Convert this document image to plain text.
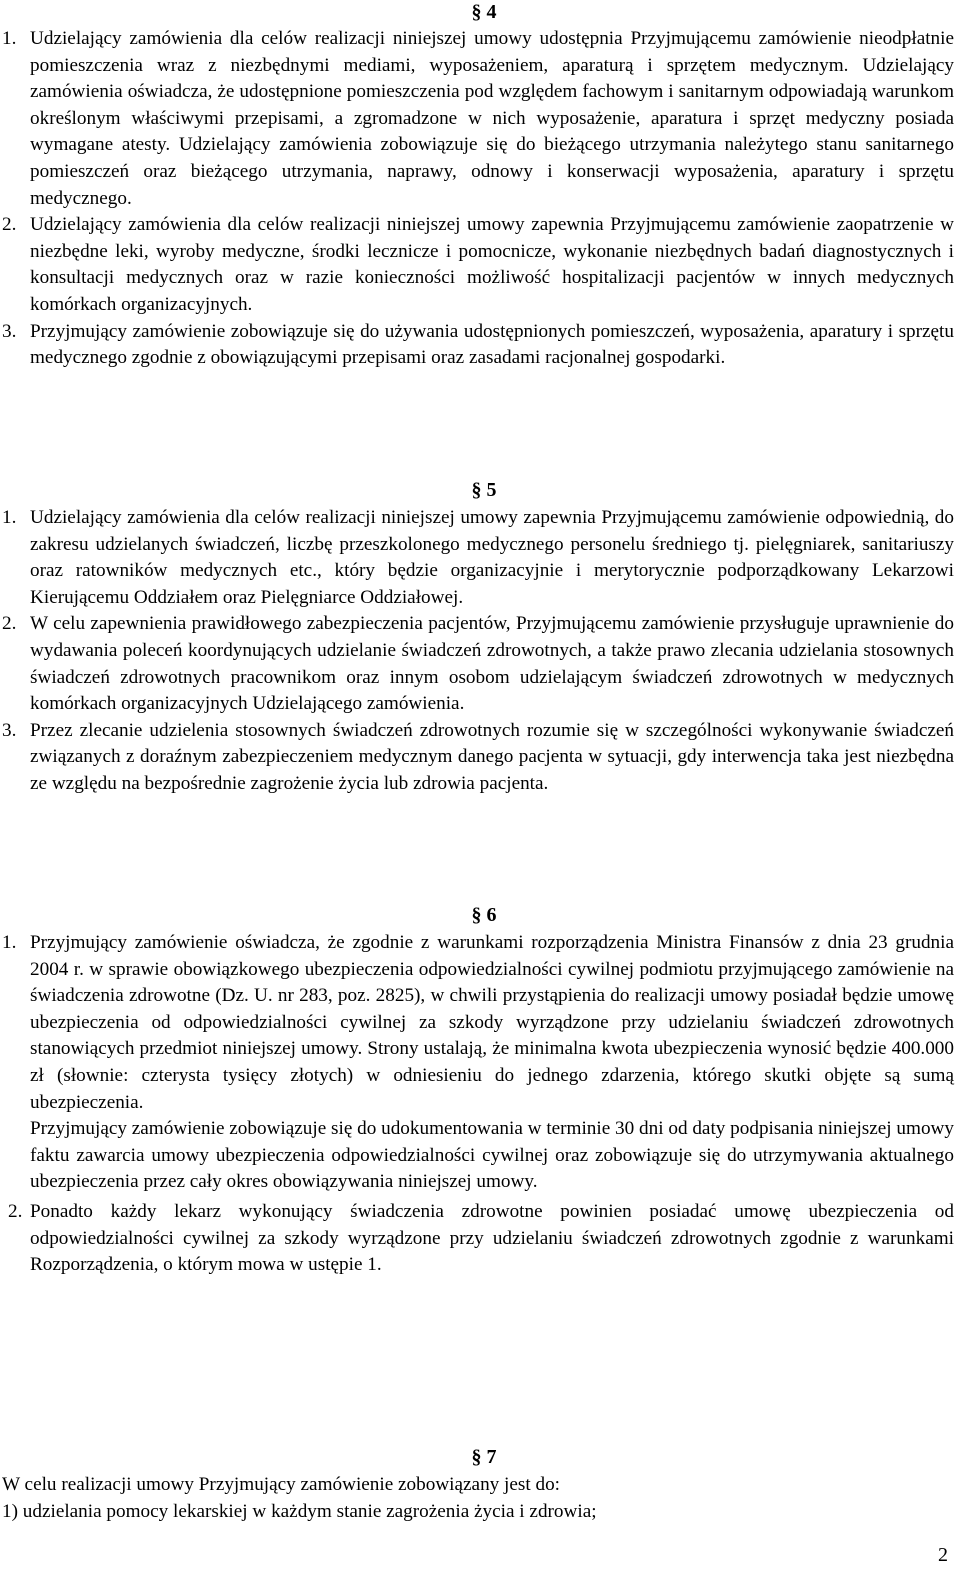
§ 4
1. Udzielający zamówienia dla celów realizacji niniejszej umowy udostępnia Przyjmującemu zamówienie nieodpłatnie pomieszczenia wraz z niezbędnymi mediami, wyposażeniem, aparaturą i sprzętem medycznym. Udzielający zamówienia oświadcza, że udostępnione pomieszczenia pod względem fachowym i sanitarnym odpowiadają warunkom określonym właściwymi przepisami, a zgromadzone w nich wyposażenie, aparatura i sprzęt medyczny posiada wymagane atesty. Udzielający zamówienia zobowiązuje się do bieżącego utrzymania należytego stanu sanitarnego pomieszczeń oraz bieżącego utrzymania, naprawy, odnowy i konserwacji wyposażenia, aparatury i sprzętu medycznego.
2. Udzielający zamówienia dla celów realizacji niniejszej umowy zapewnia Przyjmującemu zamówienie zaopatrzenie w niezbędne leki, wyroby medyczne, środki lecznicze i pomocnicze, wykonanie niezbędnych badań diagnostycznych i konsultacji medycznych oraz w razie konieczności możliwość hospitalizacji pacjentów w innych medycznych komórkach organizacyjnych.
3. Przyjmujący zamówienie zobowiązuje się do używania udostępnionych pomieszczeń, wyposażenia, aparatury i sprzętu medycznego zgodnie z obowiązującymi przepisami oraz zasadami racjonalnej gospodarki.
§ 5
1. Udzielający zamówienia dla celów realizacji niniejszej umowy zapewnia Przyjmującemu zamówienie odpowiednią, do zakresu udzielanych świadczeń, liczbę przeszkolonego medycznego personelu średniego tj. pielęgniarek, sanitariuszy oraz ratowników medycznych etc., który będzie organizacyjnie i merytorycznie podporządkowany Lekarzowi Kierującemu Oddziałem oraz Pielęgniarce Oddziałowej.
2. W celu zapewnienia prawidłowego zabezpieczenia pacjentów, Przyjmującemu zamówienie przysługuje uprawnienie do wydawania poleceń koordynujących udzielanie świadczeń zdrowotnych, a także prawo zlecania udzielania stosownych świadczeń zdrowotnych pracownikom oraz innym osobom udzielającym świadczeń zdrowotnych w medycznych komórkach organizacyjnych Udzielającego zamówienia.
3. Przez zlecanie udzielenia stosownych świadczeń zdrowotnych rozumie się w szczególności wykonywanie świadczeń związanych z doraźnym zabezpieczeniem medycznym danego pacjenta w sytuacji, gdy interwencja taka jest niezbędna ze względu na bezpośrednie zagrożenie życia lub zdrowia pacjenta.
§ 6
1. Przyjmujący zamówienie oświadcza, że zgodnie z warunkami rozporządzenia Ministra Finansów z dnia 23 grudnia 2004 r. w sprawie obowiązkowego ubezpieczenia odpowiedzialności cywilnej podmiotu przyjmującego zamówienie na świadczenia zdrowotne (Dz. U. nr 283, poz. 2825), w chwili przystąpienia do realizacji umowy posiadał będzie umowę ubezpieczenia od odpowiedzialności cywilnej za szkody wyrządzone przy udzielaniu świadczeń zdrowotnych stanowiących przedmiot niniejszej umowy. Strony ustalają, że minimalna kwota ubezpieczenia wynosić będzie 400.000 zł (słownie: czterysta tysięcy złotych) w odniesieniu do jednego zdarzenia, którego skutki objęte są sumą ubezpieczenia.

Przyjmujący zamówienie zobowiązuje się do udokumentowania w terminie 30 dni od daty podpisania niniejszej umowy faktu zawarcia umowy ubezpieczenia odpowiedzialności cywilnej oraz zobowiązuje się do utrzymywania aktualnego ubezpieczenia przez cały okres obowiązywania niniejszej umowy.

2. Ponadto każdy lekarz wykonujący świadczenia zdrowotne powinien posiadać umowę ubezpieczenia od odpowiedzialności cywilnej za szkody wyrządzone przy udzielaniu świadczeń zdrowotnych zgodnie z warunkami Rozporządzenia, o którym mowa w ustępie 1.
§ 7

W celu realizacji umowy Przyjmujący zamówienie zobowiązany jest do:

1) udzielania pomocy lekarskiej w każdym stanie zagrożenia życia i zdrowia;

2
